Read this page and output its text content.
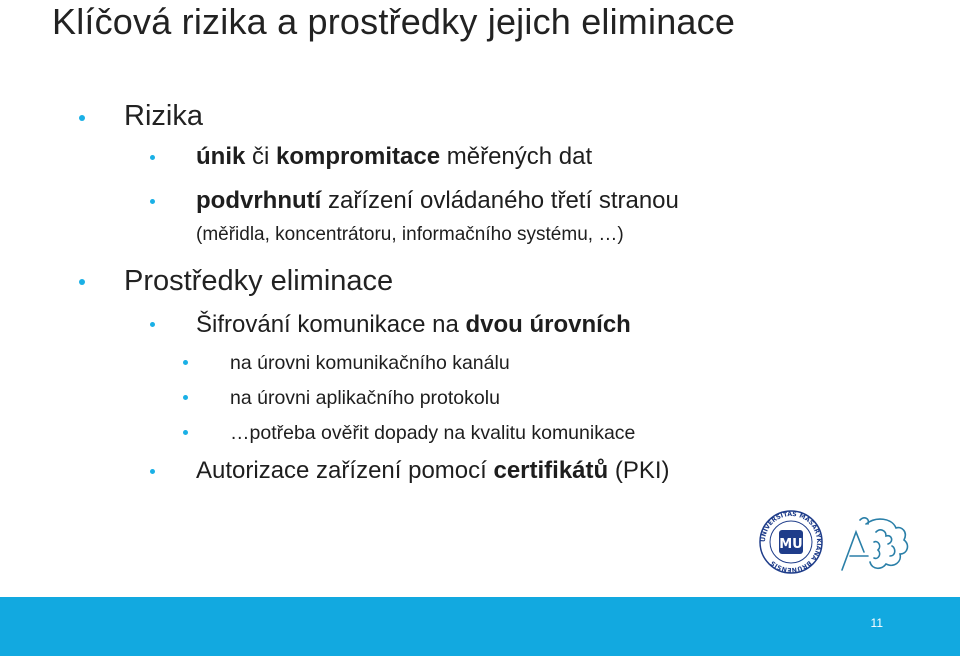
Klíčová rizika a prostředky jejich eliminace
Rizika
únik či kompromitace měřených dat
podvrhnutí zařízení ovládaného třetí stranou
(měřidla, koncentrátoru, informačního systému, …)
Prostředky eliminace
Šifrování komunikace na dvou úrovních
na úrovni komunikačního kanálu
na úrovni aplikačního protokolu
…potřeba ověřit dopady na kvalitu komunikace
Autorizace zařízení pomocí certifikátů (PKI)
UNIVERSITAS MASARYKIANA BRUNENSIS
MU
11
